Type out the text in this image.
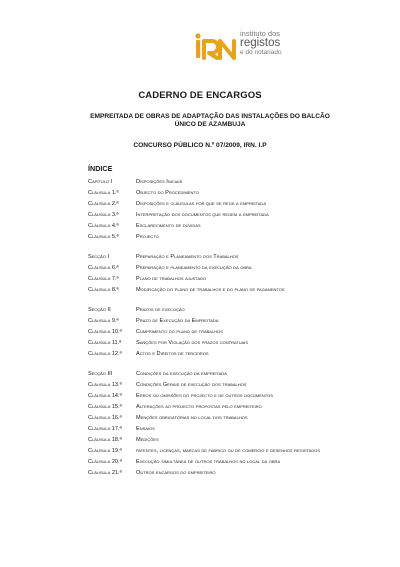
instituto dos
registos
e do notariado
CADERNO DE ENCARGOS
EMPREITADA DE OBRAS DE ADAPTAÇÃO DAS INSTALAÇÕES DO BALCÃO ÚNICO DE AZAMBUJA
CONCURSO PÚBLICO N.º 07/2009, IRN. I.P
ÍNDICE
Capítulo I	Disposições Iniciais
Cláusula 1.ª	Objecto do Procedimento
Cláusula 2.ª	Disposições e cláusulas por que se rege a empreitada
Cláusula 3.ª	Interpretação dos documentos que regem a empreitada
Cláusula 4.ª	Esclarecimento de dúvidas
Cláusula 5.ª	Projecto
Secção I	Preparação e Planeamento dos Trabalhos
Cláusula 6.ª	Preparação e planeamento da execução da obra
Cláusula 7.ª	Plano de trabalhos ajustado
Cláusula 8.ª	Modificação do plano de trabalhos e do plano de pagamentos
Secção II	Prazos de execução
Cláusula 9.ª	Prazo de Execução da Empreitada
Cláusula 10.ª	Cumprimento do plano de trabalhos
Cláusula 11.ª	Sanções por Violação dos prazos contratuais
Cláusula 12.ª	Actos e Direitos de terceiros
Secção III	Condições da execução da empreitada
Cláusula 13.ª	Condições Gerais de execução dos trabalhos
Cláusula 14.ª	Erros ou omissões do projecto e de outros documentos
Cláusula 15.ª	Alterações ao projecto propostas pelo empreiteiro
Cláusula 16.ª	Menções obrigatórias no local dos trabalhos
Cláusula 17.ª	Ensaios
Cláusula 18.ª	Medições
Cláusula 19.ª	patentes, licenças, marcas de fabrico ou de comercio e desenhos registados
Cláusula 20.ª	Execução simultânea de outros trabalhos no local da obra
Cláusula 21.ª	Outros encargos do empreiteiro
